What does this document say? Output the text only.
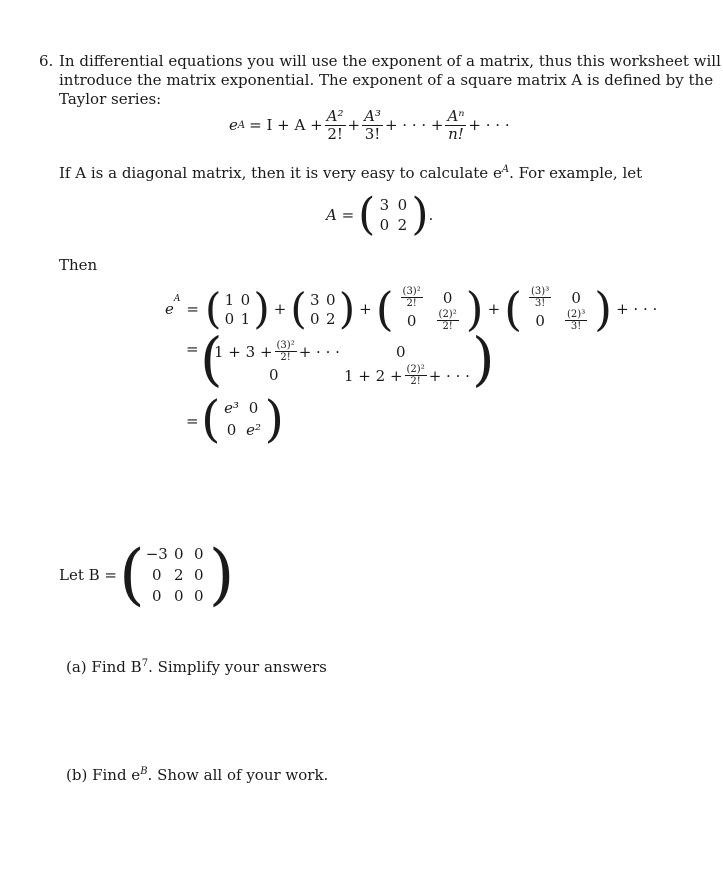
6. In differential equations you will use the exponent of a matrix, thus this worksheet will
introduce the matrix exponential. The exponent of a square matrix A is defined by the
Taylor series:
e $A = I + A + \frac{\text{A²}}{2!} + \frac{\text{A³}}{3!}$ + · · · + $\frac{\text{Aⁿ}}{n!}$ + · · ·
If A is a diagonal matrix, then it is very easy to calculate $e^A$. For example, let
A = ( 3 0
0 2 ) .
Then
e
$^A$
= ( 1 0
0 1 ) + ( 3 0
0 2 ) + ( $\frac{\text{(3)²}}{2!}$	0
0	$\frac{\text{(2)²}}{2!}$ ) + ( $\frac{\text{(3)³}}{3!}$	0
0	$\frac{\text{(2)³}}{3!}$ ) + · · ·
= (
$1 + 3 + \frac{\text{(3)²}}{2!}$ + · · ·	0
0	$1 + 2 + \frac{\text{(2)²}}{2!}$ + · · · )
= ( e³ 0
0 e² )
Let B = ( −3 0 0
0 2 0
0 0 0 )
(a) Find $B^7$. Simplify your answers
(b) Find $e^B$. Show all of your work.
